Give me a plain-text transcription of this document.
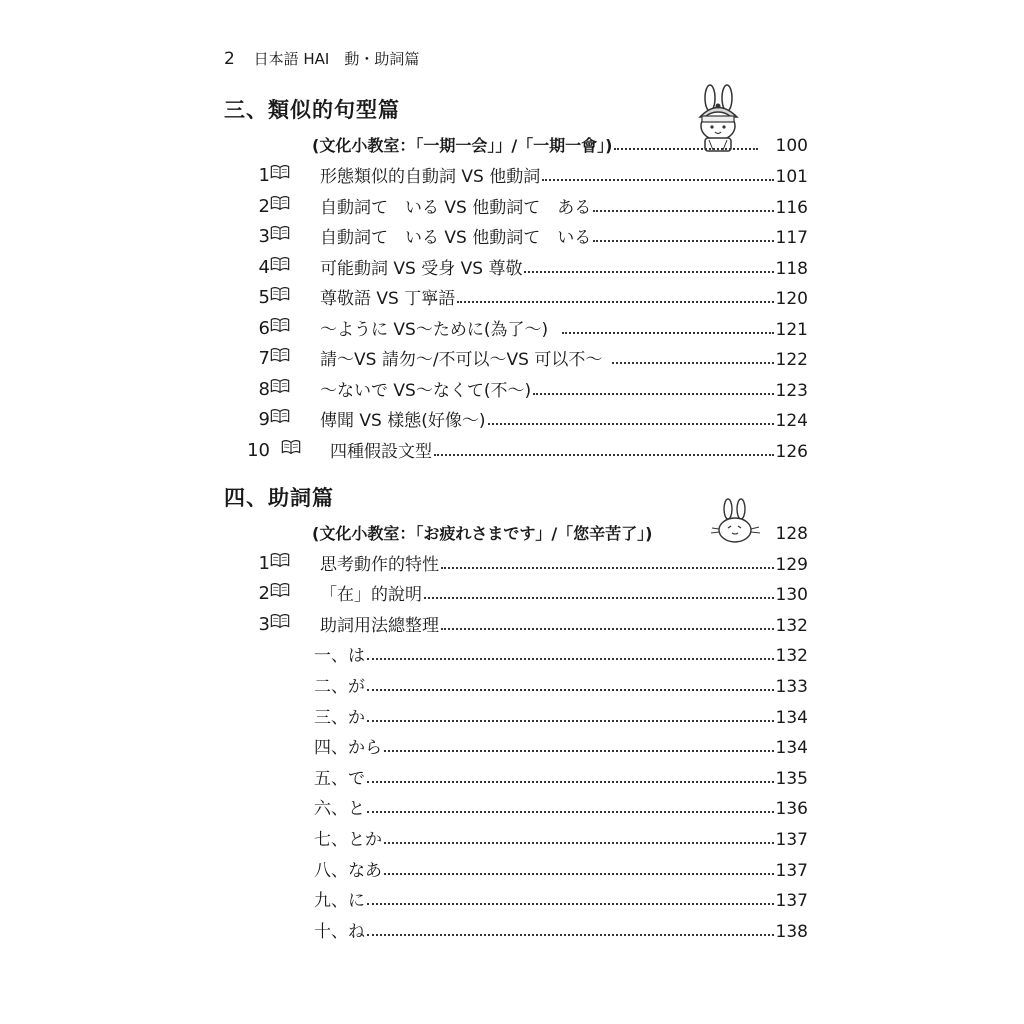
2 日本語 HAI　動・助詞篇
三、類似的句型篇
(文化小教室：「一期一会」」/「一期一會」)	100
1	形態類似的自動詞 VS 他動詞	101
2	自動詞て　いる VS 他動詞て　ある	116
3	自動詞て　いる VS 他動詞て　いる	117
4	可能動詞 VS 受身 VS 尊敬	118
5	尊敬語 VS 丁寧語	120
6	～ように VS～ために(為了～)	121
7	請～VS 請勿～/不可以～VS 可以不～	122
8	～ないで VS～なくて(不～)	123
9	傳聞 VS 樣態(好像～)	124
10	四種假設文型	126
四、助詞篇
(文化小教室：「お疲れさまです」/「您辛苦了」)	128
1	思考動作的特性	129
2	「在」的說明	130
3	助詞用法總整理	132
一、は	132
二、が	133
三、か	134
四、から	134
五、で	135
六、と	136
七、とか	137
八、なあ	137
九、に	137
十、ね	138
